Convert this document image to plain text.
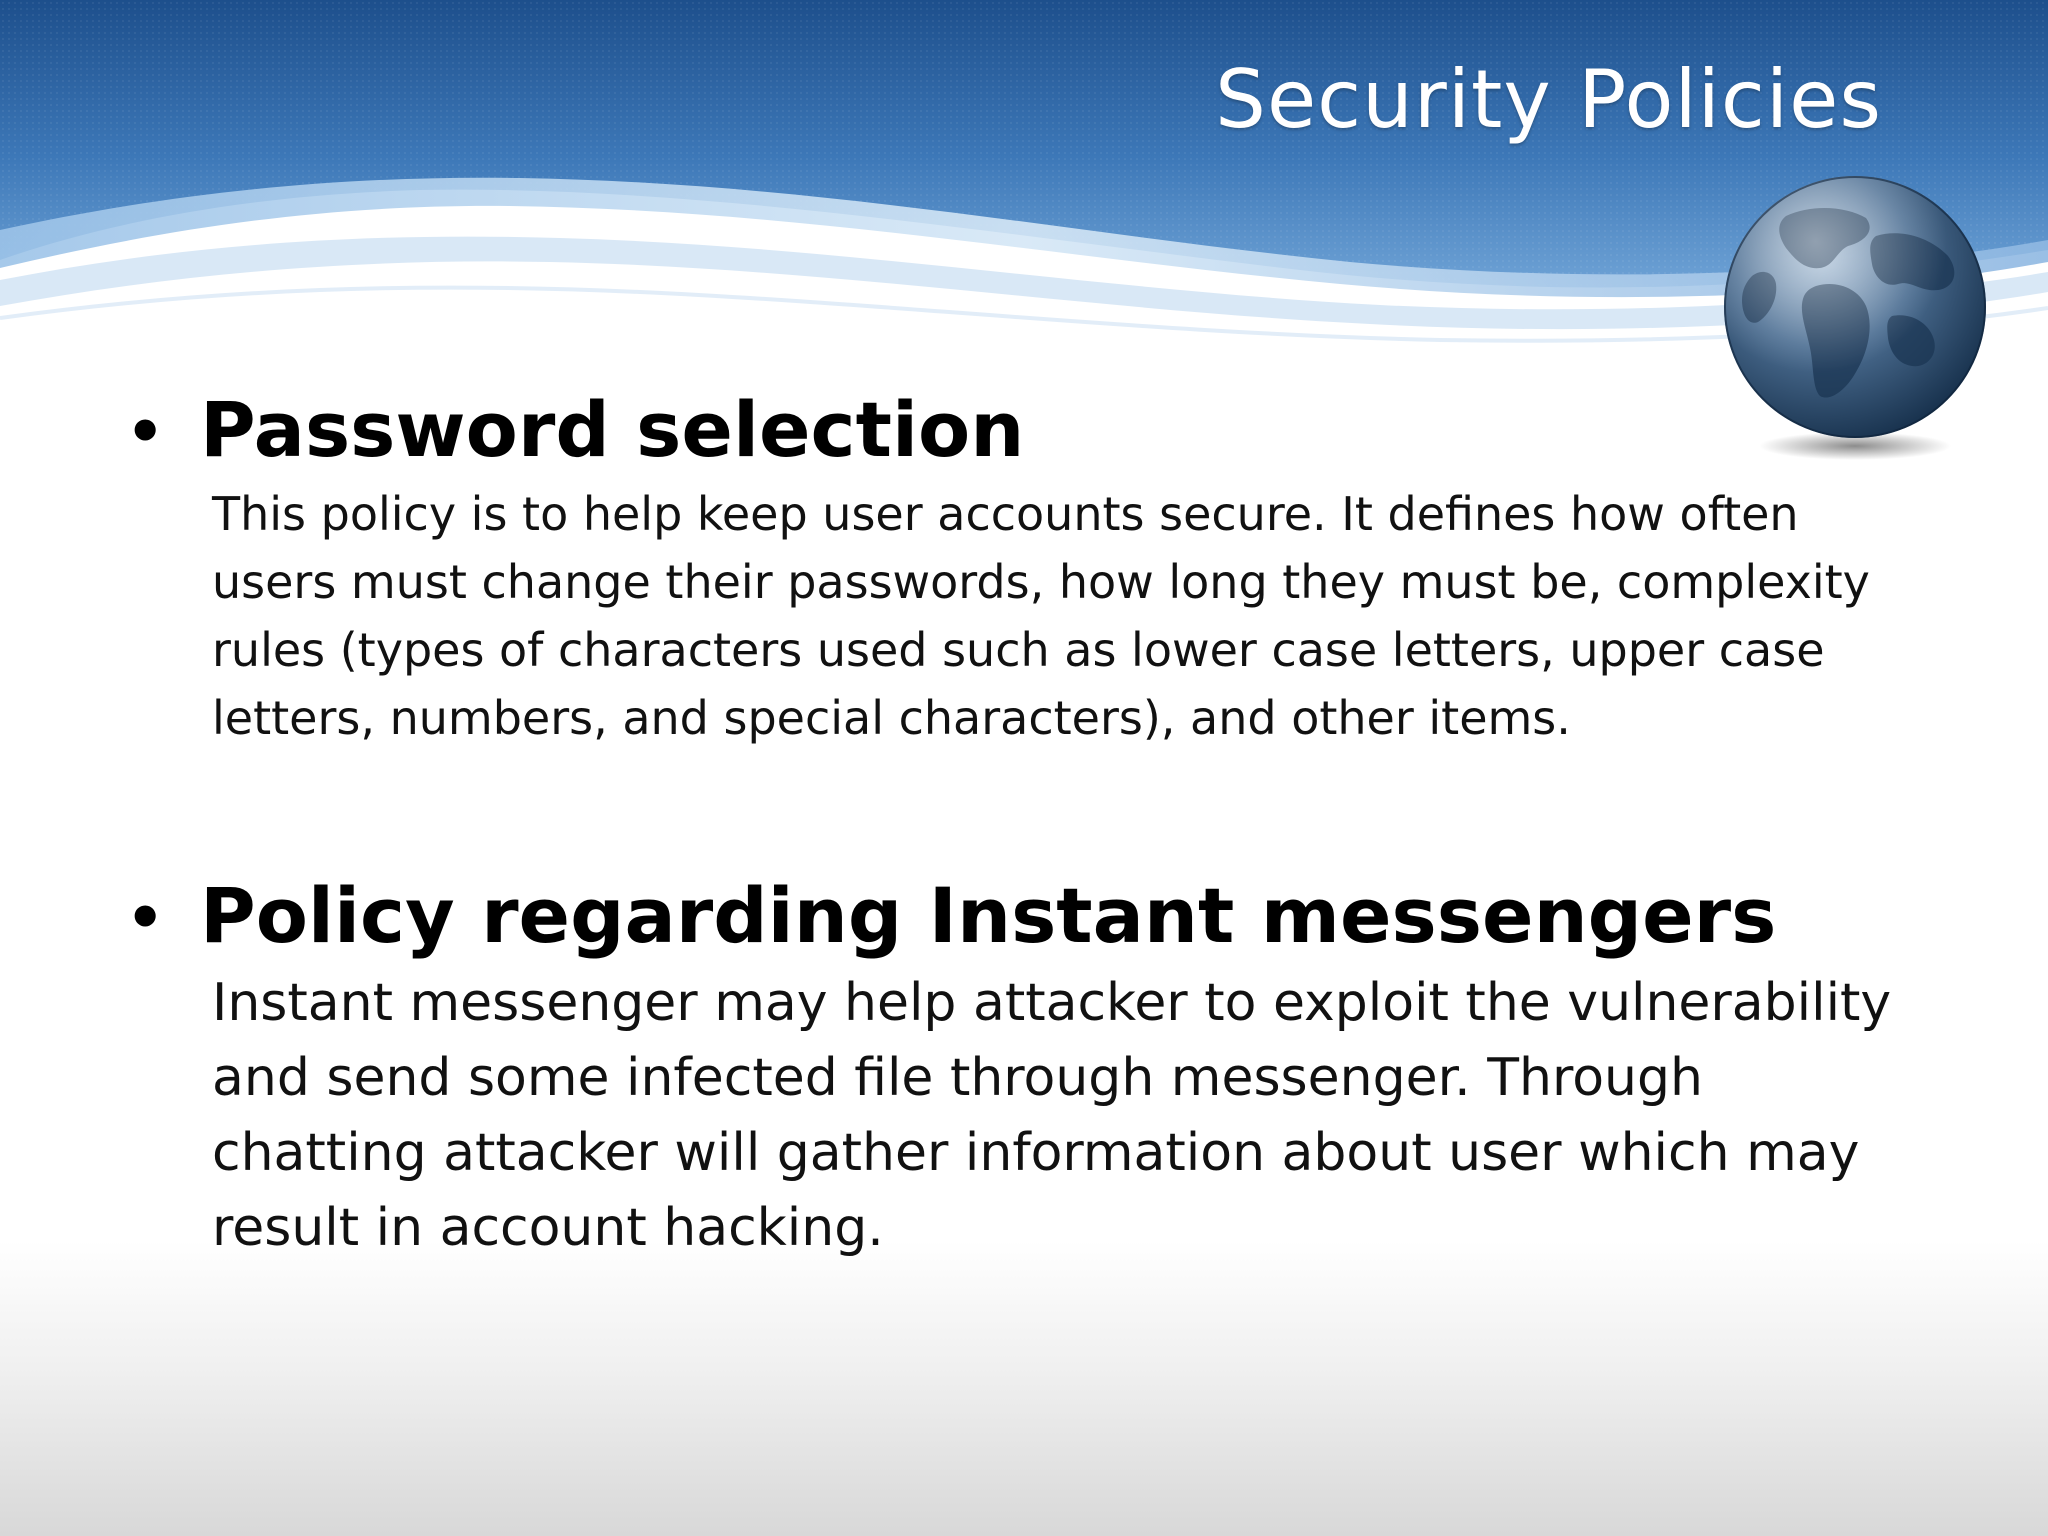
Security Policies
• Password selection

This policy is to help keep user accounts secure. It defines how often users must change their passwords, how long they must be, complexity rules (types of characters used such as lower case letters, upper case letters, numbers, and special characters), and other items.

• Policy regarding Instant messengers

Instant messenger may help attacker to exploit the vulnerability and send some infected file through messenger. Through chatting attacker will gather information about user which may result in account hacking.
